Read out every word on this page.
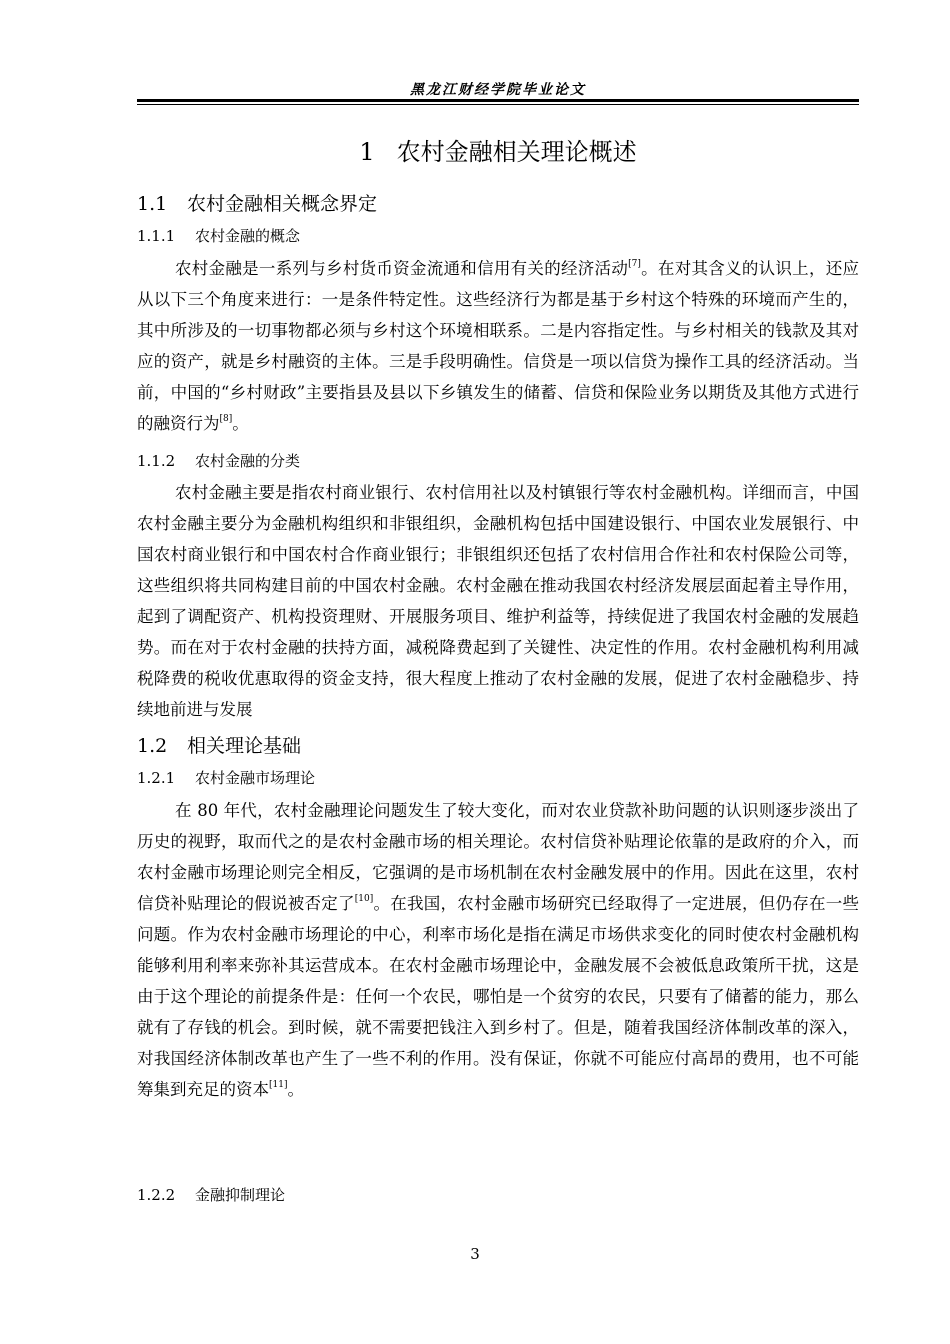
黑龙江财经学院毕业论文
1 农村金融相关理论概述
1.1 农村金融相关概念界定
1.1.1 农村金融的概念
农村金融是一系列与乡村货币资金流通和信用有关的经济活动[7]。在对其含义的认识上，还应从以下三个角度来进行：一是条件特定性。这些经济行为都是基于乡村这个特殊的环境而产生的，其中所涉及的一切事物都必须与乡村这个环境相联系。二是内容指定性。与乡村相关的钱款及其对应的资产，就是乡村融资的主体。三是手段明确性。信贷是一项以信贷为操作工具的经济活动。当前，中国的“乡村财政”主要指县及县以下乡镇发生的储蓄、信贷和保险业务以期货及其他方式进行的融资行为[8]。
1.1.2 农村金融的分类
农村金融主要是指农村商业银行、农村信用社以及村镇银行等农村金融机构。详细而言，中国农村金融主要分为金融机构组织和非银组织，金融机构包括中国建设银行、中国农业发展银行、中国农村商业银行和中国农村合作商业银行；非银组织还包括了农村信用合作社和农村保险公司等，这些组织将共同构建目前的中国农村金融。农村金融在推动我国农村经济发展层面起着主导作用，起到了调配资产、机构投资理财、开展服务项目、维护利益等，持续促进了我国农村金融的发展趋势。而在对于农村金融的扶持方面，减税降费起到了关键性、决定性的作用。农村金融机构利用减税降费的税收优惠取得的资金支持，很大程度上推动了农村金融的发展，促进了农村金融稳步、持续地前进与发展
1.2 相关理论基础
1.2.1 农村金融市场理论
在 80 年代，农村金融理论问题发生了较大变化，而对农业贷款补助问题的认识则逐步淡出了历史的视野，取而代之的是农村金融市场的相关理论。农村信贷补贴理论依靠的是政府的介入，而农村金融市场理论则完全相反，它强调的是市场机制在农村金融发展中的作用。因此在这里，农村信贷补贴理论的假说被否定了[10]。在我国，农村金融市场研究已经取得了一定进展，但仍存在一些问题。作为农村金融市场理论的中心，利率市场化是指在满足市场供求变化的同时使农村金融机构能够利用利率来弥补其运营成本。在农村金融市场理论中，金融发展不会被低息政策所干扰，这是由于这个理论的前提条件是：任何一个农民，哪怕是一个贫穷的农民，只要有了储蓄的能力，那么就有了存钱的机会。到时候，就不需要把钱注入到乡村了。但是，随着我国经济体制改革的深入，对我国经济体制改革也产生了一些不利的作用。没有保证，你就不可能应付高昂的费用，也不可能筹集到充足的资本[11]。
1.2.2 金融抑制理论
3
